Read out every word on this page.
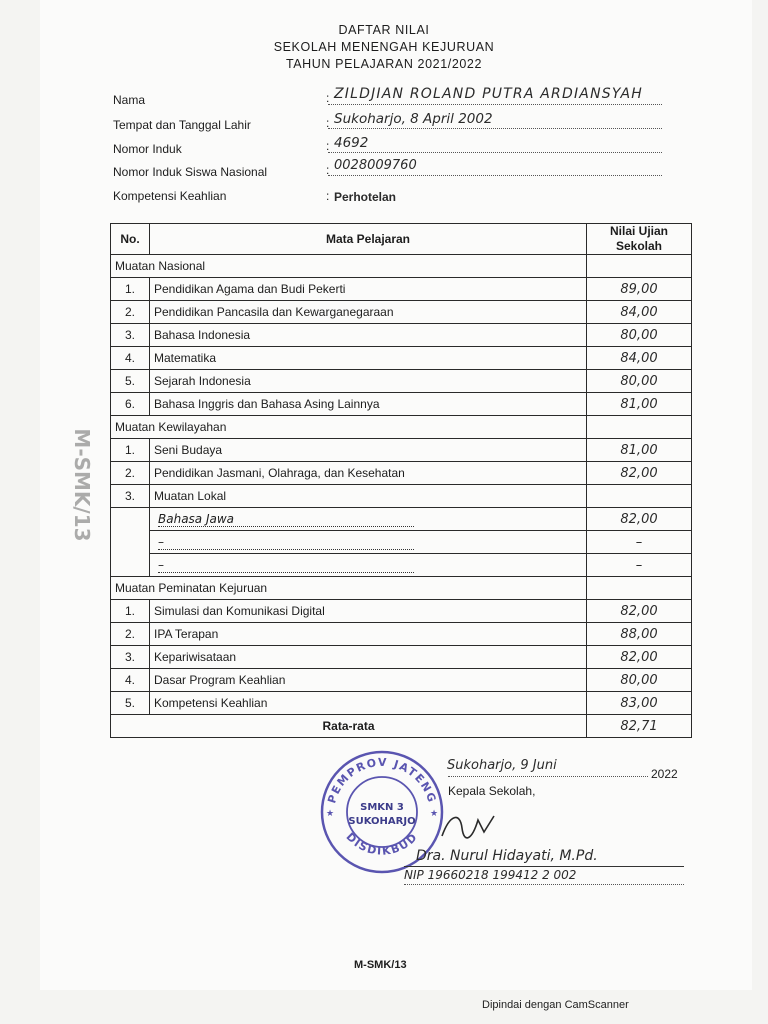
DAFTAR NILAI
SEKOLAH MENENGAH KEJURUAN
TAHUN PELAJARAN 2021/2022
Nama	: ZILDJIAN ROLAND PUTRA ARDIANSYAH
Tempat dan Tanggal Lahir	: Sukoharjo, 8 April 2002
Nomor Induk	: 4692
Nomor Induk Siswa Nasional	: 0028009760
Kompetensi Keahlian	: Perhotelan
No.	Mata Pelajaran	Nilai Ujian
Sekolah
Muatan Nasional		
1.	Pendidikan Agama dan Budi Pekerti	89,00
2.	Pendidikan Pancasila dan Kewarganegaraan	84,00
3.	Bahasa Indonesia	80,00
4.	Matematika	84,00
5.	Sejarah Indonesia	80,00
6.	Bahasa Inggris dan Bahasa Asing Lainnya	81,00
Muatan Kewilayahan		
1.	Seni Budaya	81,00
2.	Pendidikan Jasmani, Olahraga, dan Kesehatan	82,00
3.	Muatan Lokal	
	Bahasa Jawa	82,00
	–	–
	–	–
Muatan Peminatan Kejuruan		
1.	Simulasi dan Komunikasi Digital	82,00
2.	IPA Terapan	88,00
3.	Kepariwisataan	82,00
4.	Dasar Program Keahlian	80,00
5.	Kompetensi Keahlian	83,00
Rata-rata		82,71
PEMPROV JATENG
DISDIKBUD
SMKN 3
SUKOHARJO
★	★
Sukoharjo, 9 Juni
2022
Kepala Sekolah,
Dra. Nurul Hidayati, M.Pd.
NIP 19660218 199412 2 002
M-SMK/13
M-SMK/13
Dipindai dengan CamScanner
